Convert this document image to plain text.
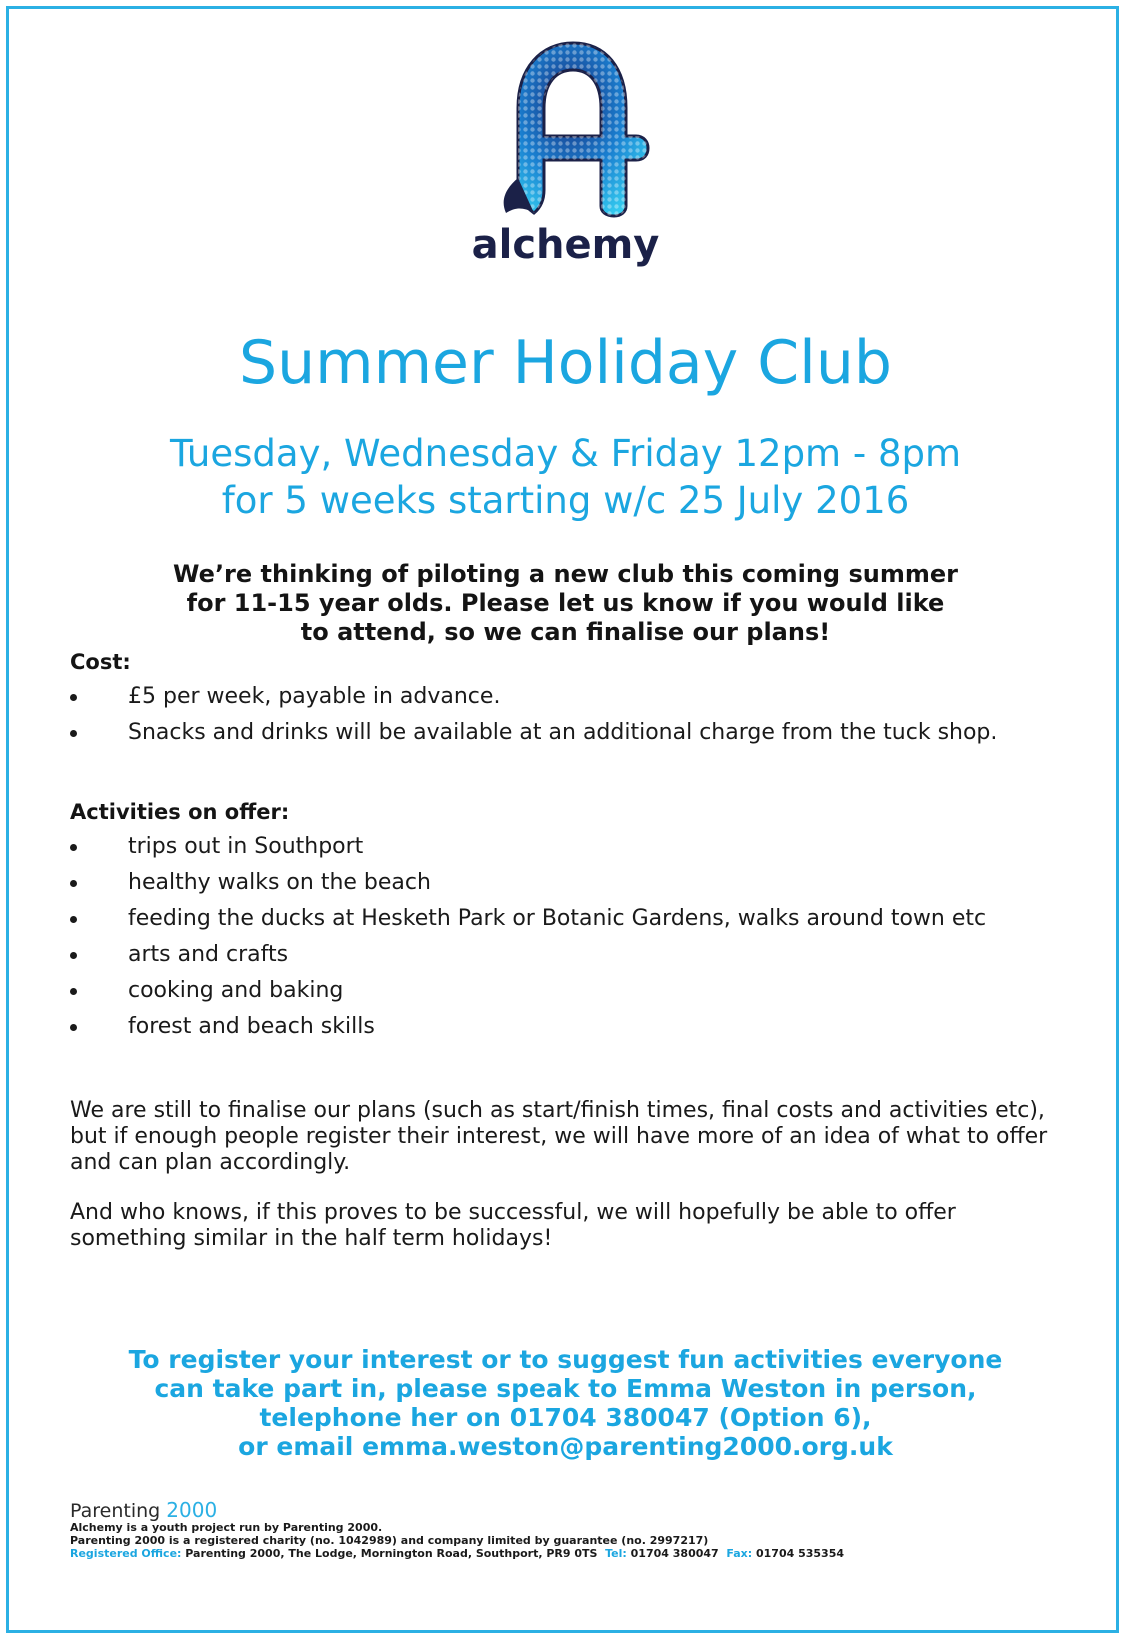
alchemy
Summer Holiday Club
Tuesday, Wednesday & Friday 12pm - 8pm
for 5 weeks starting w/c 25 July 2016
We’re thinking of piloting a new club this coming summer
for 11-15 year olds. Please let us know if you would like
to attend, so we can finalise our plans!
Cost:
£5 per week, payable in advance.
Snacks and drinks will be available at an additional charge from the tuck shop.
Activities on offer:
trips out in Southport
healthy walks on the beach
feeding the ducks at Hesketh Park or Botanic Gardens, walks around town etc
arts and crafts
cooking and baking
forest and beach skills
We are still to finalise our plans (such as start/finish times, final costs and activities etc), but if enough people register their interest, we will have more of an idea of what to offer and can plan accordingly.
And who knows, if this proves to be successful, we will hopefully be able to offer something similar in the half term holidays!
To register your interest or to suggest fun activities everyone
can take part in, please speak to Emma Weston in person,
telephone her on 01704 380047 (Option 6),
or email emma.weston@parenting2000.org.uk
Parenting 2000
Alchemy is a youth project run by Parenting 2000.
Parenting 2000 is a registered charity (no. 1042989) and company limited by guarantee (no. 2997217)
Registered Office: Parenting 2000, The Lodge, Mornington Road, Southport, PR9 0TS Tel: 01704 380047 Fax: 01704 535354
